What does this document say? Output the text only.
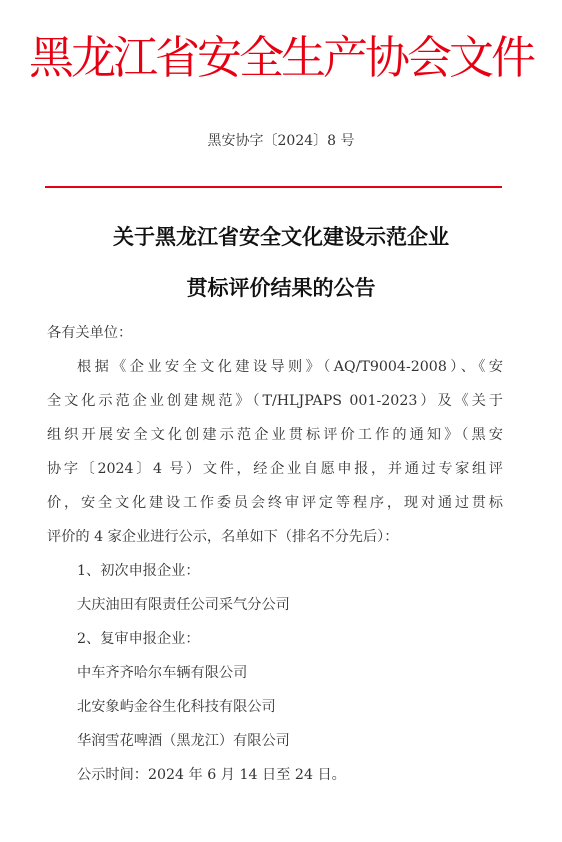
黑龙江省安全生产协会文件
黑安协字〔2024〕8 号
关于黑龙江省安全文化建设示范企业
贯标评价结果的公告
各有关单位：
根据《企业安全文化建设导则》（AQ/T9004-2008）、《安
全文化示范企业创建规范》（T/HLJPAPS 001-2023）及《关于
组织开展安全文化创建示范企业贯标评价工作的通知》（黑安
协字〔2024〕4 号）文件，经企业自愿申报，并通过专家组评
价，安全文化建设工作委员会终审评定等程序，现对通过贯标
评价的 4 家企业进行公示，名单如下（排名不分先后）：
1、初次申报企业：
大庆油田有限责任公司采气分公司
2、复审申报企业：
中车齐齐哈尔车辆有限公司
北安象屿金谷生化科技有限公司
华润雪花啤酒（黑龙江）有限公司
公示时间：2024 年 6 月 14 日至 24 日。
